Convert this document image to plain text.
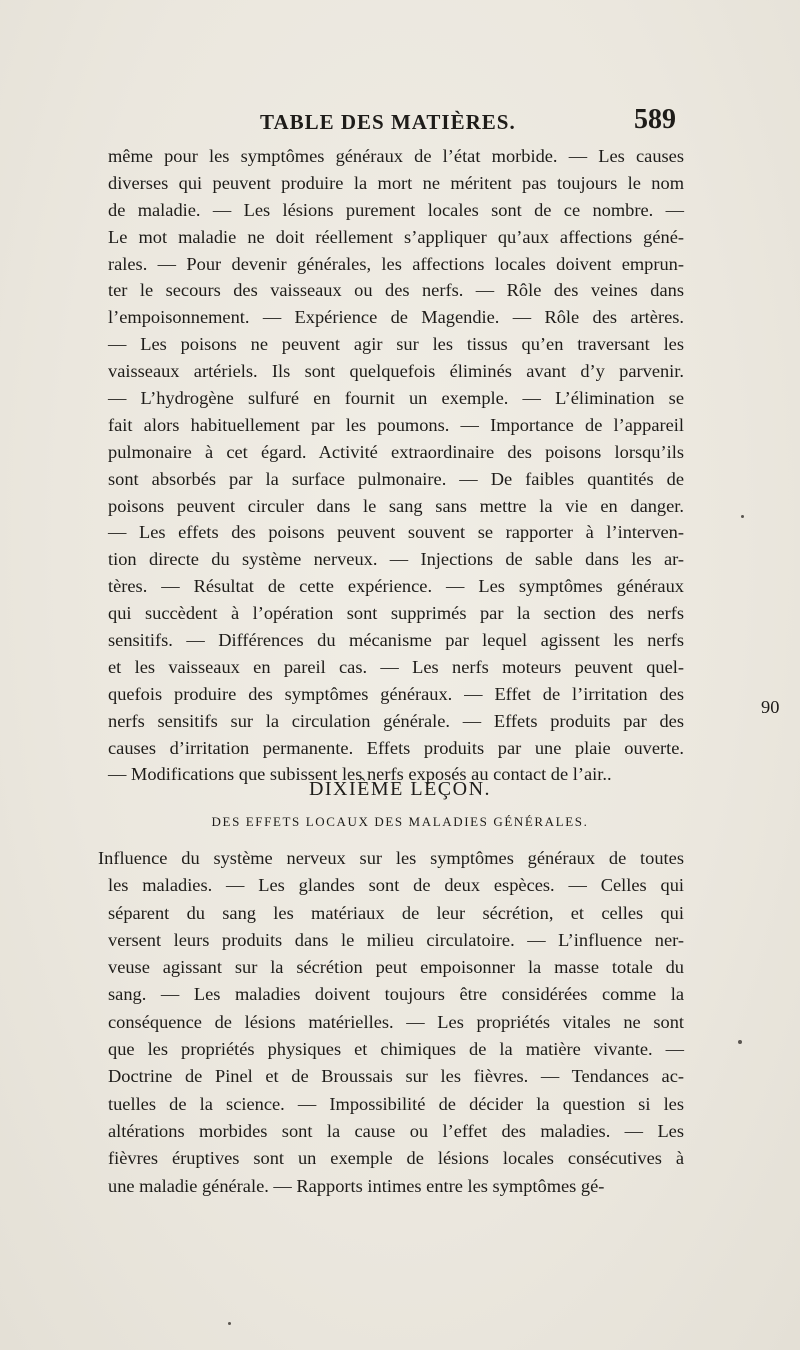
TABLE DES MATIÈRES.	589
même pour les symptômes généraux de l’état morbide. — Les causes
diverses qui peuvent produire la mort ne méritent pas toujours le nom
de maladie. — Les lésions purement locales sont de ce nombre. —
Le mot maladie ne doit réellement s’appliquer qu’aux affections géné-
rales. — Pour devenir générales, les affections locales doivent emprun-
ter le secours des vaisseaux ou des nerfs. — Rôle des veines dans
l’empoisonnement. — Expérience de Magendie. — Rôle des artères.
— Les poisons ne peuvent agir sur les tissus qu’en traversant les
vaisseaux artériels. Ils sont quelquefois éliminés avant d’y parvenir.
— L’hydrogène sulfuré en fournit un exemple. — L’élimination se
fait alors habituellement par les poumons. — Importance de l’appareil
pulmonaire à cet égard. Activité extraordinaire des poisons lorsqu’ils
sont absorbés par la surface pulmonaire. — De faibles quantités de
poisons peuvent circuler dans le sang sans mettre la vie en danger.
— Les effets des poisons peuvent souvent se rapporter à l’interven-
tion directe du système nerveux. — Injections de sable dans les ar-
tères. — Résultat de cette expérience. — Les symptômes généraux
qui succèdent à l’opération sont supprimés par la section des nerfs
sensitifs. — Différences du mécanisme par lequel agissent les nerfs
et les vaisseaux en pareil cas. — Les nerfs moteurs peuvent quel-
quefois produire des symptômes généraux. — Effet de l’irritation des
nerfs sensitifs sur la circulation générale. — Effets produits par des
causes d’irritation permanente. Effets produits par une plaie ouverte.
— Modifications que subissent les nerfs exposés au contact de l’air..
90
DIXIÈME LEÇON.
DES EFFETS LOCAUX DES MALADIES GÉNÉRALES.
Influence du système nerveux sur les symptômes généraux de toutes
les maladies. — Les glandes sont de deux espèces. — Celles qui
séparent du sang les matériaux de leur sécrétion, et celles qui
versent leurs produits dans le milieu circulatoire. — L’influence ner-
veuse agissant sur la sécrétion peut empoisonner la masse totale du
sang. — Les maladies doivent toujours être considérées comme la
conséquence de lésions matérielles. — Les propriétés vitales ne sont
que les propriétés physiques et chimiques de la matière vivante. —
Doctrine de Pinel et de Broussais sur les fièvres. — Tendances ac-
tuelles de la science. — Impossibilité de décider la question si les
altérations morbides sont la cause ou l’effet des maladies. — Les
fièvres éruptives sont un exemple de lésions locales consécutives à
une maladie générale. — Rapports intimes entre les symptômes gé-
